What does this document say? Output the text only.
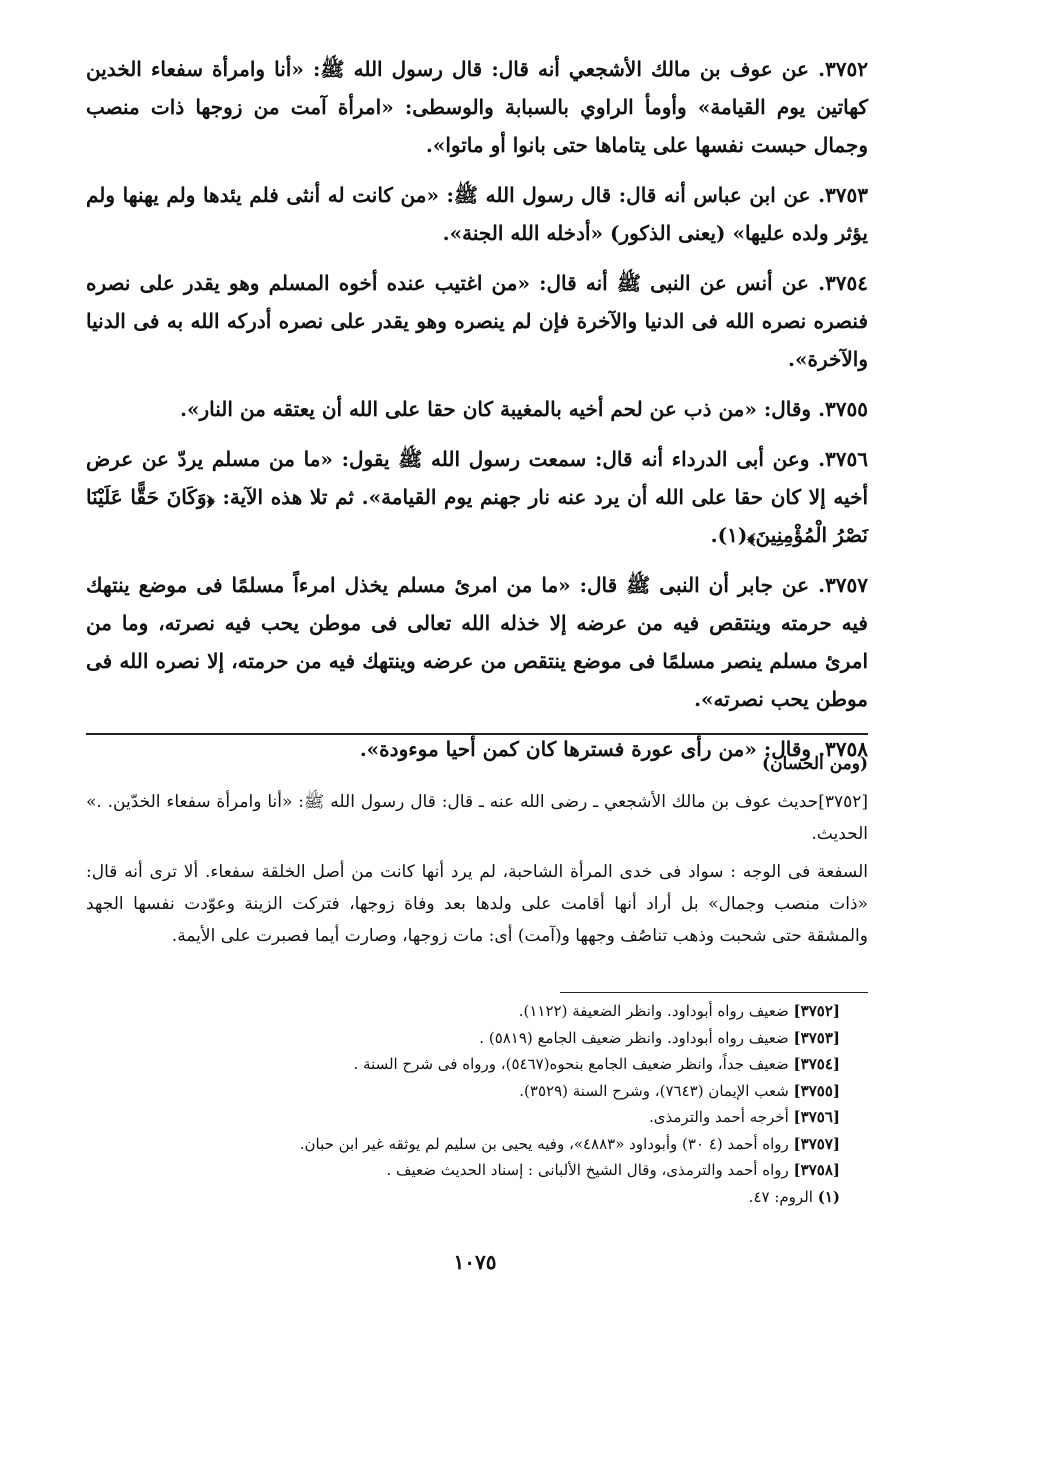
٣٧٥٢. عن عوف بن مالك الأشجعي أنه قال: قال رسول الله ﷺ: «أنا وامرأة سفعاء الخدين كهاتين يوم القيامة» وأومأ الراوي بالسبابة والوسطى: «امرأة آمت من زوجها ذات منصب وجمال حبست نفسها على يتاماها حتى بانوا أو ماتوا».

٣٧٥٣. عن ابن عباس أنه قال: قال رسول الله ﷺ: «من كانت له أنثى فلم يئدها ولم يهنها ولم يؤثر ولده عليها» (يعنى الذكور) «أدخله الله الجنة».

٣٧٥٤. عن أنس عن النبى ﷺ أنه قال: «من اغتيب عنده أخوه المسلم وهو يقدر على نصره فنصره نصره الله فى الدنيا والآخرة فإن لم ينصره وهو يقدر على نصره أدركه الله به فى الدنيا والآخرة».

٣٧٥٥. وقال: «من ذب عن لحم أخيه بالمغيبة كان حقا على الله أن يعتقه من النار».

٣٧٥٦. وعن أبى الدرداء أنه قال: سمعت رسول الله ﷺ يقول: «ما من مسلم يردّ عن عرض أخيه إلا كان حقا على الله أن يرد عنه نار جهنم يوم القيامة». ثم تلا هذه الآية: ﴿وَكَانَ حَقًّا عَلَيْنَا نَصْرُ الْمُؤْمِنِينَ﴾(١).

٣٧٥٧. عن جابر أن النبى ﷺ قال: «ما من امرئ مسلم يخذل امرءاً مسلمًا فى موضع ينتهك فيه حرمته وينتقص فيه من عرضه إلا خذله الله تعالى فى موطن يحب فيه نصرته، وما من امرئ مسلم ينصر مسلمًا فى موضع ينتقص من عرضه وينتهك فيه من حرمته، إلا نصره الله فى موطن يحب نصرته».

٣٧٥٨. وقال: «من رأى عورة فسترها كان كمن أحيا موءودة».

(ومن الحسان)

[٣٧٥٢]حديث عوف بن مالك الأشجعي ـ رضى الله عنه ـ قال: قال رسول الله ﷺ: «أنا وامرأة سفعاء الخدّين. .» الحديث.

السفعة فى الوجه : سواد فى خدى المرأة الشاحبة، لم يرد أنها كانت من أصل الخلقة سفعاء. ألا ترى أنه قال: «ذات منصب وجمال» بل أراد أنها أقامت على ولدها بعد وفاة زوجها، فتركت الزينة وعوّدت نفسها الجهد والمشقة حتى شحبت وذهب تناصُف وجهها و(آمت) أى: مات زوجها، وصارت أيما فصبرت على الأيمة.

[٣٧٥٢] ضعيف رواه أبوداود. وانظر الضعيفة (١١٢٢).
[٣٧٥٣] ضعيف رواه أبوداود. وانظر ضعيف الجامع (٥٨١٩) .
[٣٧٥٤] ضعيف جداً، وانظر ضعيف الجامع بنحوه(٥٤٦٧)، ورواه فى شرح السنة .
[٣٧٥٥] شعب الإيمان (٧٦٤٣)، وشرح السنة (٣٥٢٩).
[٣٧٥٦] أخرجه أحمد والترمذى.
[٣٧٥٧] رواه أحمد (٤ ٣٠) وأبوداود «٤٨٨٣»، وفيه يحيى بن سليم لم يوثقه غير ابن حبان.
[٣٧٥٨] رواه أحمد والترمذى، وقال الشيخ الألبانى : إسناد الحديث ضعيف .
(١) الروم: ٤٧.
١٠٧٥
